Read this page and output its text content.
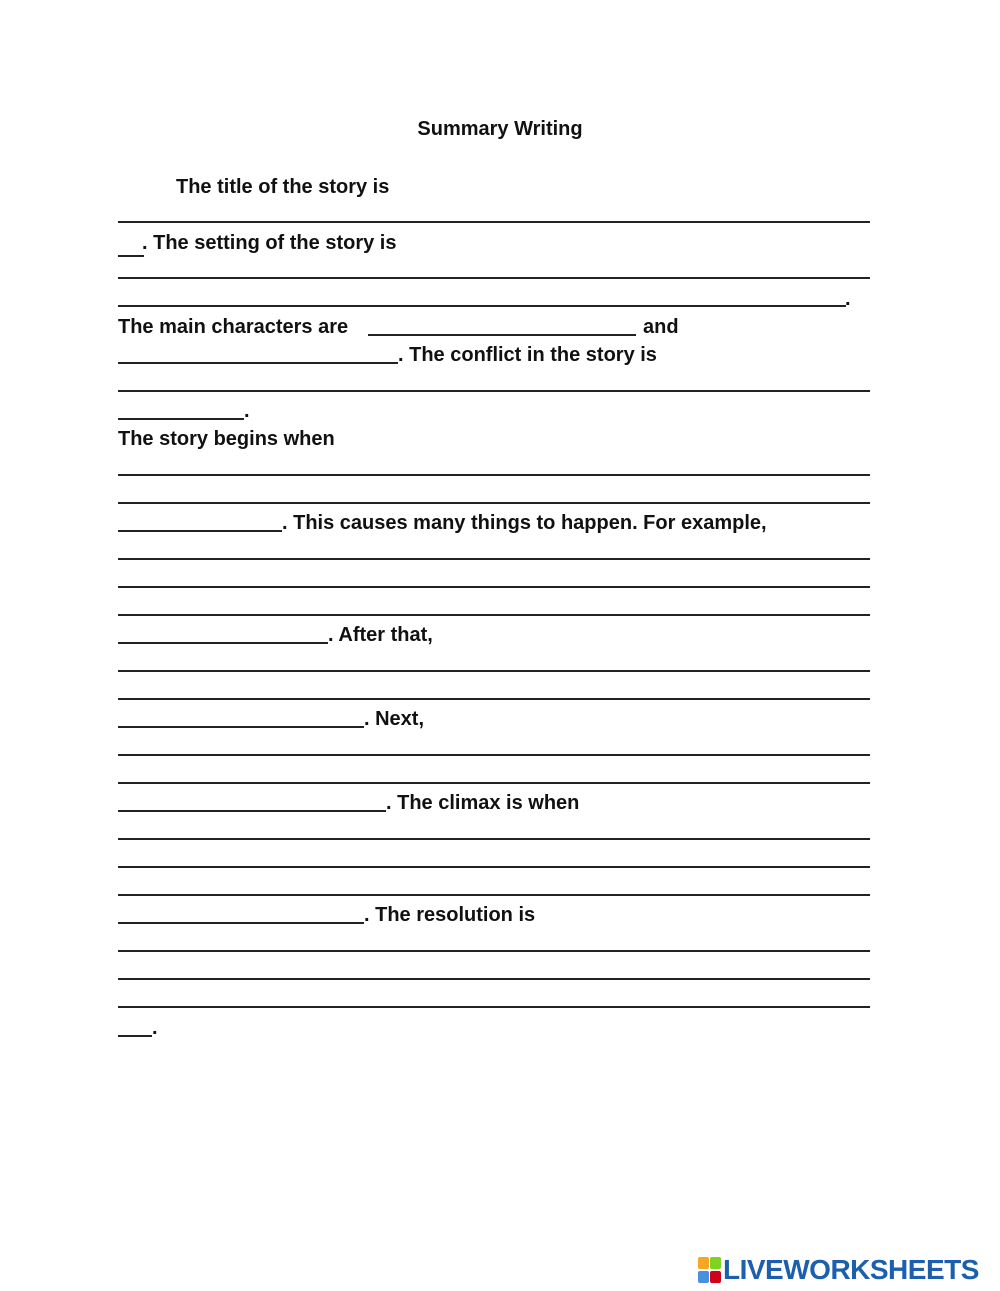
Summary Writing
The title of the story is
. The setting of the story is
.
The main characters are	and
. The conflict in the story is
.
The story begins when
. This causes many things to happen. For example,
. After that,
. Next,
. The climax is when
. The resolution is
.
LIVEWORKSHEETS
